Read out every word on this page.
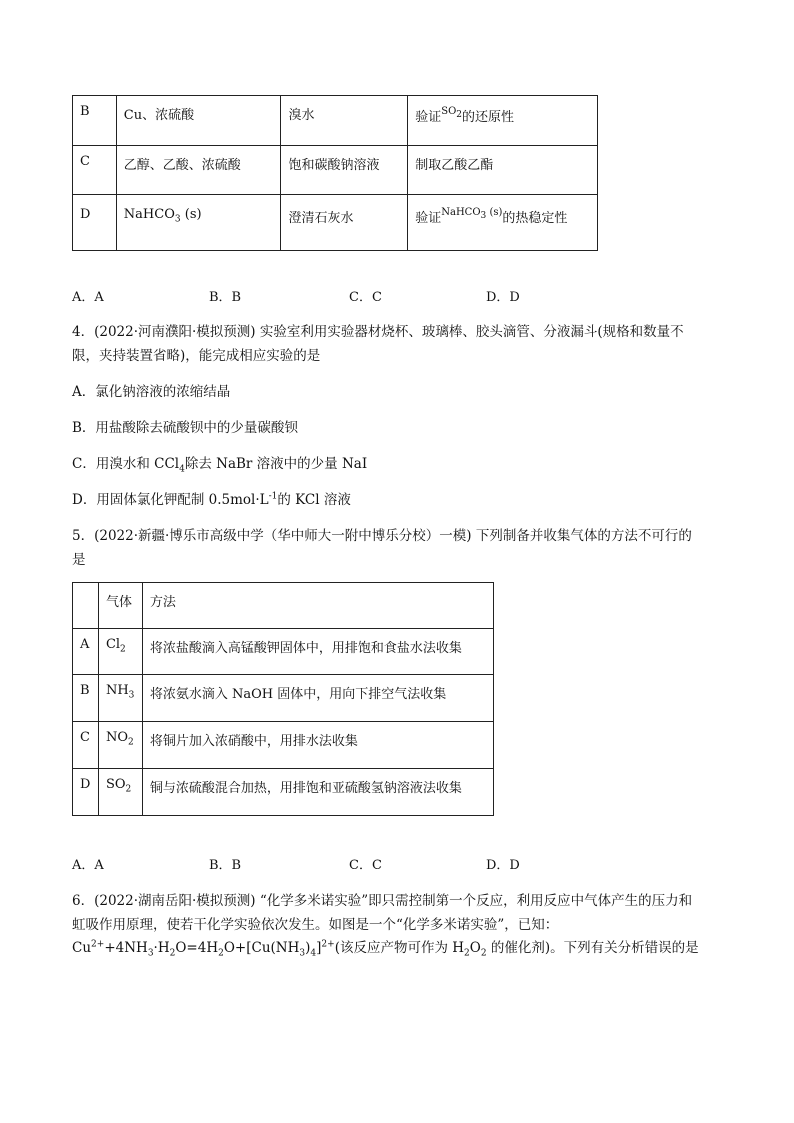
B	Cu、浓硫酸	溴水	验证$^{SO_2}$的还原性

C	乙醇、乙酸、浓硫酸	饱和碳酸钠溶液	制取乙酸乙酯

D	NaHCO$_3$ (s)	澄清石灰水	验证$^{NaHCO_3 (s)}$的热稳定性
A．A	B．B	C．C	D．D
4．(2022·河南濮阳·模拟预测) 实验室利用实验器材烧杯、玻璃棒、胶头滴管、分液漏斗(规格和数量不
限，夹持装置省略)，能完成相应实验的是
A．氯化钠溶液的浓缩结晶
B．用盐酸除去硫酸钡中的少量碳酸钡
C．用溴水和 CCl$_4$除去 NaBr 溶液中的少量 NaI
D．用固体氯化钾配制 $0.5mol\cdot L^{-1}$的 KCl 溶液
5．(2022·新疆·博乐市高级中学（华中师大一附中博乐分校）一模) 下列制备并收集气体的方法不可行的
是

	气体	方法

A	$Cl_2$	将浓盐酸滴入高锰酸钾固体中，用排饱和食盐水法收集

B	$NH_3$	将浓氨水滴入 NaOH 固体中，用向下排空气法收集

C	$NO_2$	将铜片加入浓硝酸中，用排水法收集

D	$SO_2$	铜与浓硫酸混合加热，用排饱和亚硫酸氢钠溶液法收集
A．A	B．B	C．C	D．D
6．(2022·湖南岳阳·模拟预测) “化学多米诺实验”即只需控制第一个反应，利用反应中气体产生的压力和
虹吸作用原理，使若干化学实验依次发生。如图是一个“化学多米诺实验”，已知：
$Cu^{2+}+4NH_3\cdot H_2O=4H_2O+[Cu(NH_3)_4]^{2+}$(该反应产物可作为 $H_2O_2$ 的催化剂)。下列有关分析错误的是
